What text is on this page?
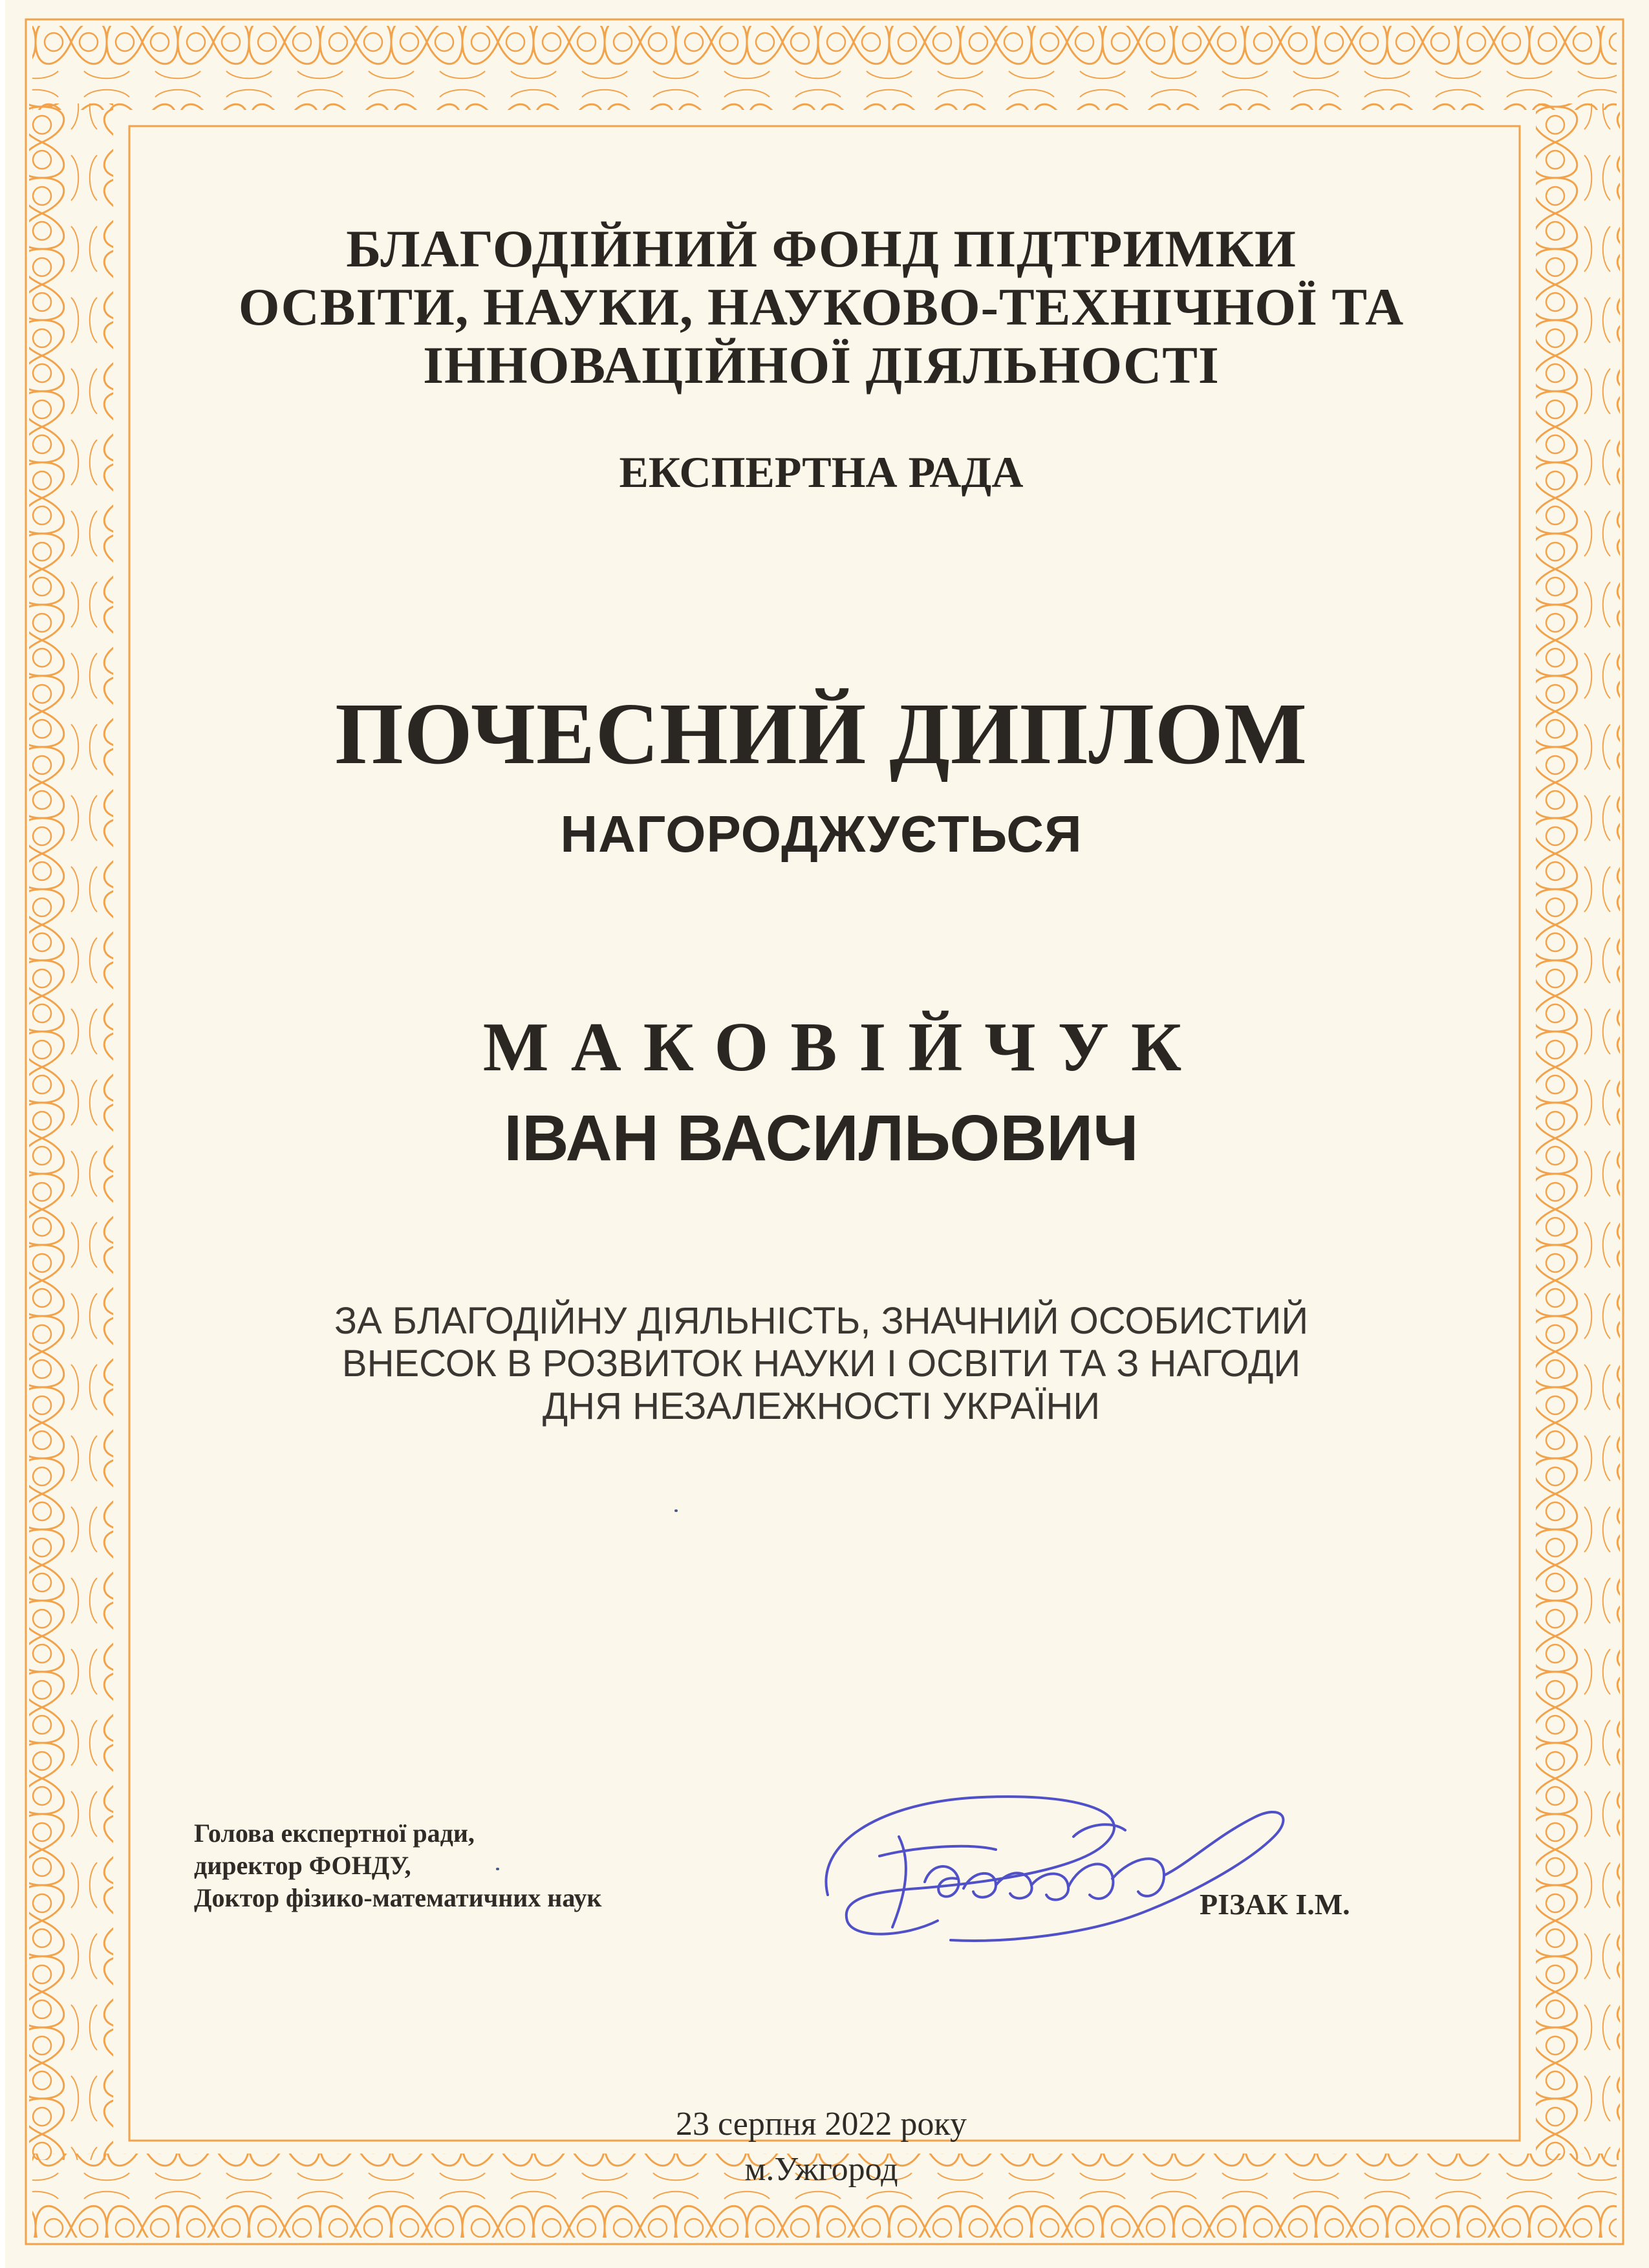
БЛАГОДІЙНИЙ ФОНД ПІДТРИМКИ
ОСВІТИ, НАУКИ, НАУКОВО-ТЕХНІЧНОЇ ТА
ІННОВАЦІЙНОЇ ДІЯЛЬНОСТІ
ЕКСПЕРТНА РАДА
ПОЧЕСНИЙ ДИПЛОМ
НАГОРОДЖУЄТЬСЯ
МАКОВІЙЧУК
ІВАН ВАСИЛЬОВИЧ
ЗА БЛАГОДІЙНУ ДІЯЛЬНІСТЬ, ЗНАЧНИЙ ОСОБИСТИЙ
ВНЕСОК В РОЗВИТОК НАУКИ І ОСВІТИ ТА З НАГОДИ
ДНЯ НЕЗАЛЕЖНОСТІ УКРАЇНИ
Голова експертної ради,
директор ФОНДУ,
Доктор фізико-математичних наук	РІЗАК І.М.
23 серпня 2022 року
м.Ужгород
